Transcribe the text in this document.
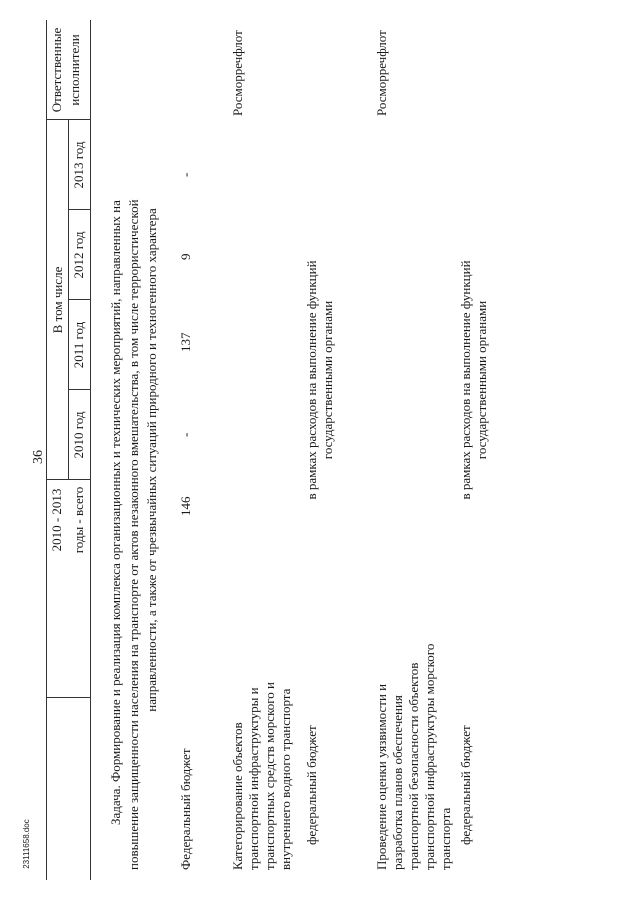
36
23111658.doc
2010 - 2013 годы - всего
В том числе
2010 год
2011 год
2012 год
2013 год
Ответственные исполнители
Задача. Формирование и реализация комплекса организационных и технических мероприятий, направленных на повышение защищенности населения на транспорте от актов незаконного вмешательства, в том числе террористической направленности, а также от чрезвычайных ситуаций природного и техногенного характера
Федеральный бюджет
146
-
137
9
-
Категорирование объектов транспортной инфраструктуры и транспортных средств морского и внутреннего водного транспорта
Росморречфлот
федеральный бюджет
в рамках расходов на выполнение функций государственными органами
Проведение оценки уязвимости и разработка планов обеспечения транспортной безопасности объектов транспортной инфраструктуры морского транспорта
Росморречфлот
федеральный бюджет
в рамках расходов на выполнение функций государственными органами
